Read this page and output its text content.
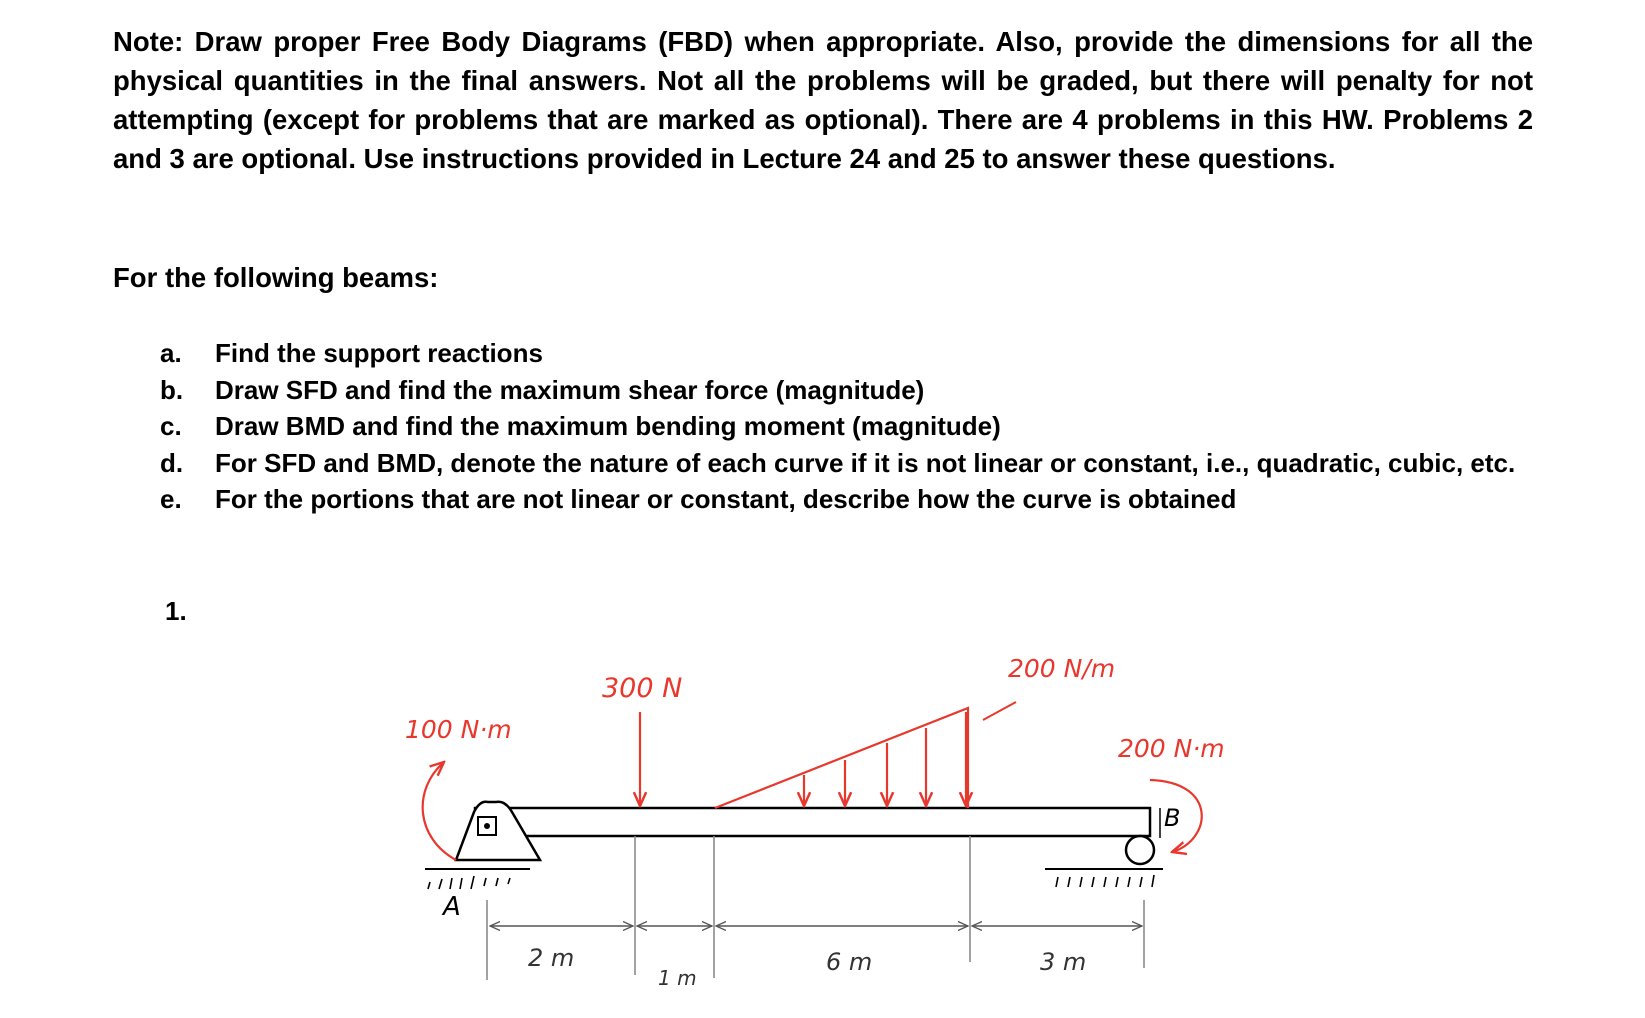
Note: Draw proper Free Body Diagrams (FBD) when appropriate. Also, provide the dimensions for all the physical quantities in the final answers. Not all the problems will be graded, but there will penalty for not attempting (except for problems that are marked as optional). There are 4 problems in this HW. Problems 2 and 3 are optional. Use instructions provided in Lecture 24 and 25 to answer these questions.

For the following beams:

a.	Find the support reactions
b.	Draw SFD and find the maximum shear force (magnitude)
c.	Draw BMD and find the maximum bending moment (magnitude)
d.	For SFD and BMD, denote the nature of each curve if it is not linear or constant, i.e., quadratic, cubic, etc.
e.	For the portions that are not linear or constant, describe how the curve is obtained

1.

A
B
100 N·m
300 N
200 N/m
200 N·m
2 m
1 m
6 m	3 m
